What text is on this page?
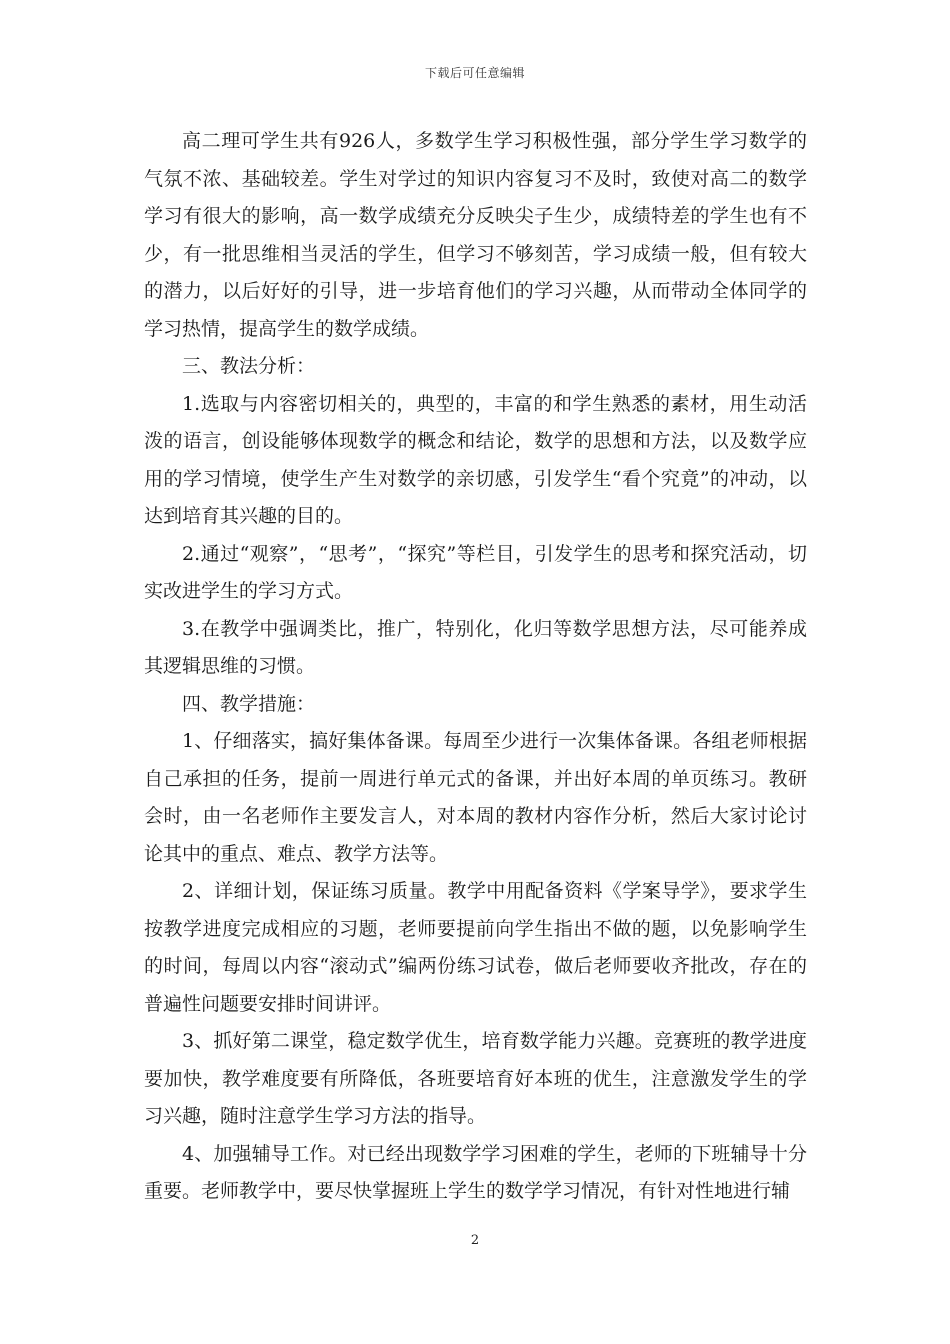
下载后可任意编辑

高二理可学生共有926人，多数学生学习积极性强，部分学生学习数学的气氛不浓、基础较差。学生对学过的知识内容复习不及时，致使对高二的数学学习有很大的影响，高一数学成绩充分反映尖子生少，成绩特差的学生也有不少，有一批思维相当灵活的学生，但学习不够刻苦，学习成绩一般，但有较大的潜力，以后好好的引导，进一步培育他们的学习兴趣，从而带动全体同学的学习热情，提高学生的数学成绩。

三、教法分析：

1.选取与内容密切相关的，典型的，丰富的和学生熟悉的素材，用生动活泼的语言，创设能够体现数学的概念和结论，数学的思想和方法，以及数学应用的学习情境，使学生产生对数学的亲切感，引发学生“看个究竟”的冲动，以达到培育其兴趣的目的。

2.通过“观察”，“思考”，“探究”等栏目，引发学生的思考和探究活动，切实改进学生的学习方式。

3.在教学中强调类比，推广，特别化，化归等数学思想方法，尽可能养成其逻辑思维的习惯。

四、教学措施：

1、仔细落实，搞好集体备课。每周至少进行一次集体备课。各组老师根据自己承担的任务，提前一周进行单元式的备课，并出好本周的单页练习。教研会时，由一名老师作主要发言人，对本周的教材内容作分析，然后大家讨论讨论其中的重点、难点、教学方法等。

2、详细计划，保证练习质量。教学中用配备资料《学案导学》，要求学生按教学进度完成相应的习题，老师要提前向学生指出不做的题，以免影响学生的时间，每周以内容“滚动式”编两份练习试卷，做后老师要收齐批改，存在的普遍性问题要安排时间讲评。

3、抓好第二课堂，稳定数学优生，培育数学能力兴趣。竞赛班的教学进度要加快，教学难度要有所降低，各班要培育好本班的优生，注意激发学生的学习兴趣，随时注意学生学习方法的指导。

4、加强辅导工作。对已经出现数学学习困难的学生，老师的下班辅导十分重要。老师教学中，要尽快掌握班上学生的数学学习情况，有针对性地进行辅

2
